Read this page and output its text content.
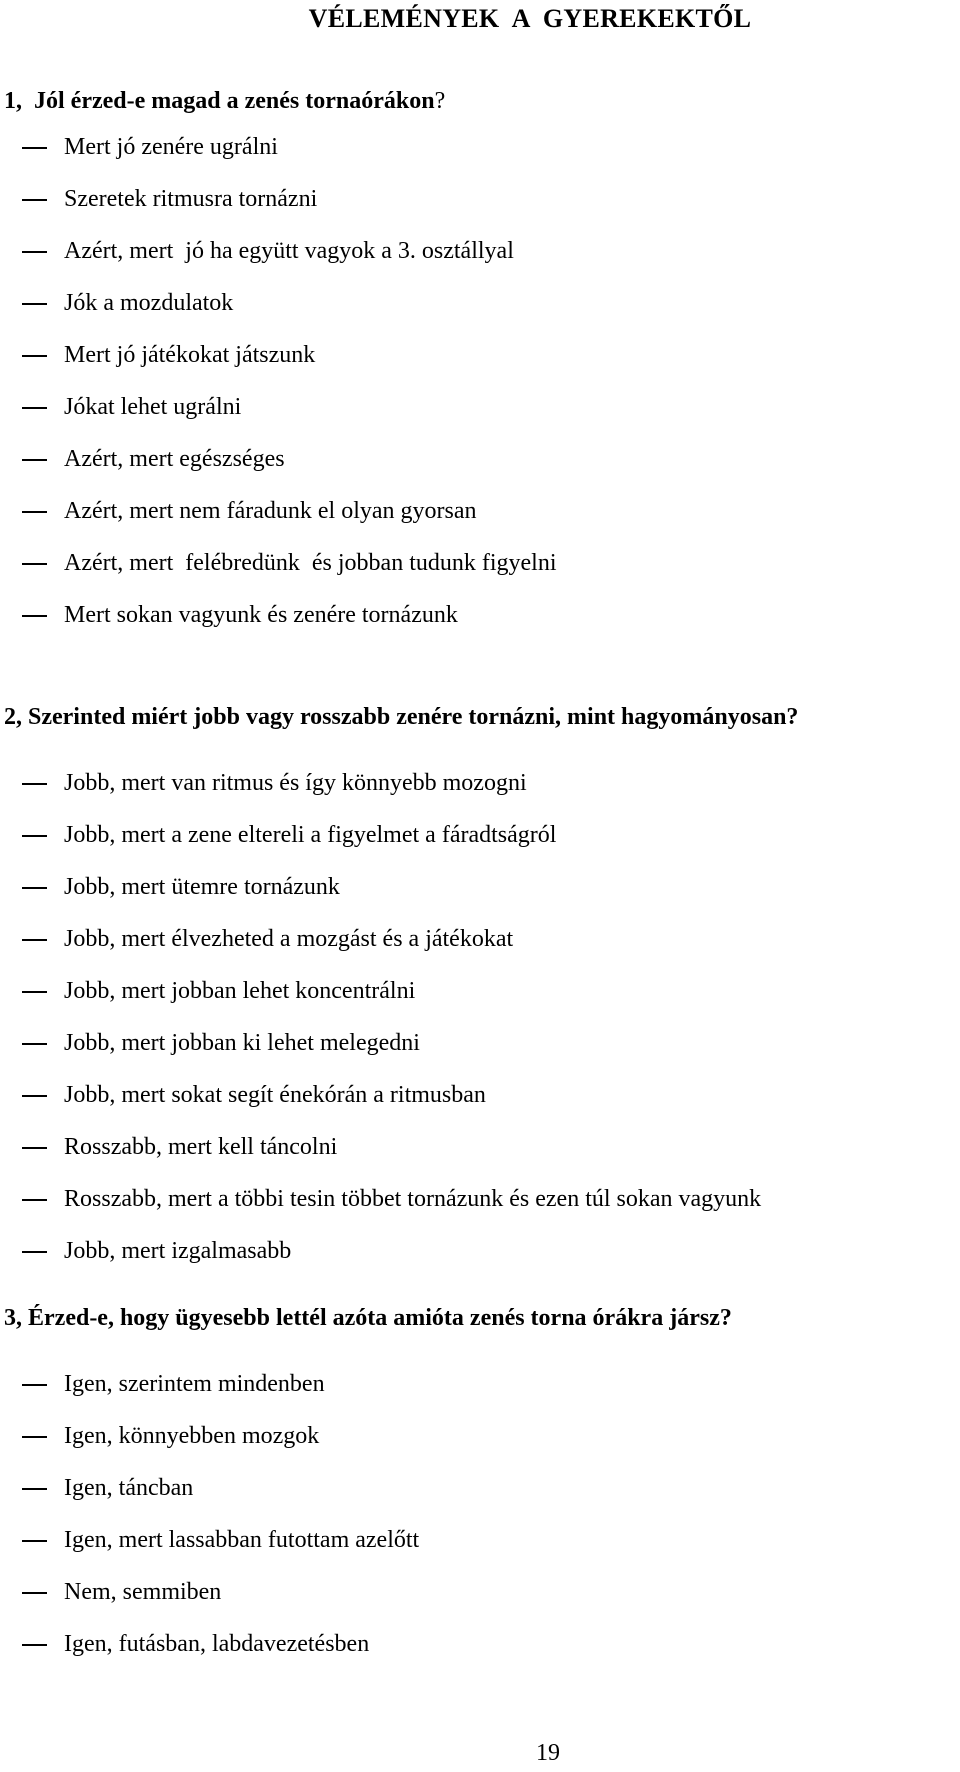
VÉLEMÉNYEK  A  GYEREKEKTŐL
1,  Jól érzed-e magad a zenés tornaórákon?
Mert jó zenére ugrálni
Szeretek ritmusra tornázni
Azért, mert  jó ha együtt vagyok a 3. osztállyal
Jók a mozdulatok
Mert jó játékokat játszunk
Jókat lehet ugrálni
Azért, mert egészséges
Azért, mert nem fáradunk el olyan gyorsan
Azért, mert  felébredünk  és jobban tudunk figyelni
Mert sokan vagyunk és zenére tornázunk
2, Szerinted miért jobb vagy rosszabb zenére tornázni, mint hagyományosan?
Jobb, mert van ritmus és így könnyebb mozogni
Jobb, mert a zene eltereli a figyelmet a fáradtságról
Jobb, mert ütemre tornázunk
Jobb, mert élvezheted a mozgást és a játékokat
Jobb, mert jobban lehet koncentrálni
Jobb, mert jobban ki lehet melegedni
Jobb, mert sokat segít énekórán a ritmusban
Rosszabb, mert kell táncolni
Rosszabb, mert a többi tesin többet tornázunk és ezen túl sokan vagyunk
Jobb, mert izgalmasabb
3, Érzed-e, hogy ügyesebb lettél azóta amióta zenés torna órákra jársz?
Igen, szerintem mindenben
Igen, könnyebben mozgok
Igen, táncban
Igen, mert lassabban futottam azelőtt
Nem, semmiben
Igen, futásban, labdavezetésben
19
